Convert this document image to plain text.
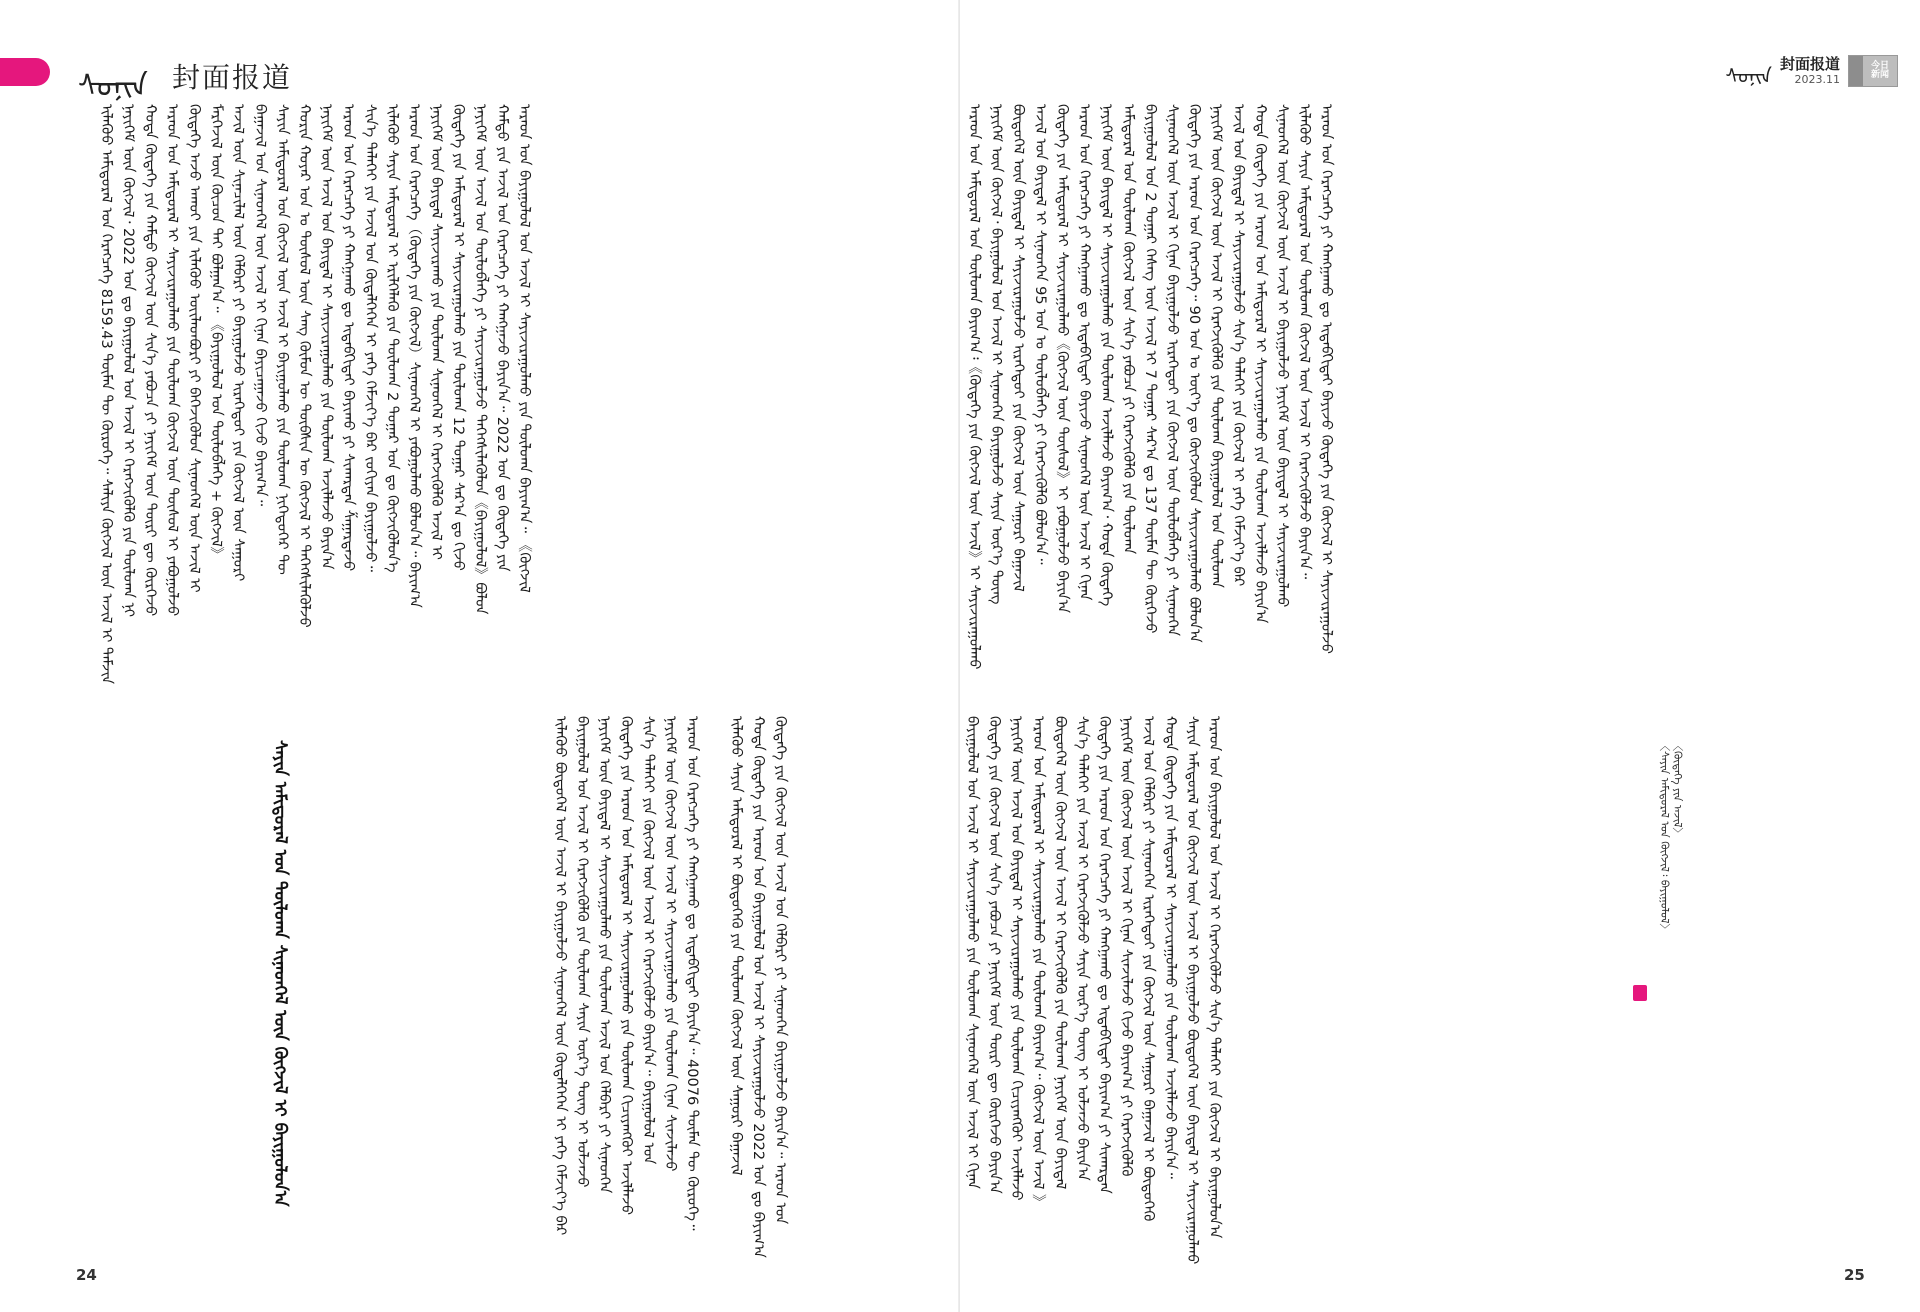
ᠰᠣᠨᠢᠨ 封面报道
ᠢᠯᠡᠭᠦᠦ ᠠᠮᠢᠳᠤᠷᠠᠯ ᠤᠨ ᠬᠡᠷᠡᠭᠴᠡᠭᠡ 8159.43 ᠲᠦᠮᠡᠨ ᠲᠦ ᠬᠦᠷᠦᠭᠡ᠃ ᠰᠡᠯᠢᠶᠡ ᠬᠥᠭᠵᠢᠯ ᠦᠨ ᠠᠵᠢᠯ ᠢ ᠳᠡᠮᠵᠢᠨ ᠨᠡᠶᠢᠭᠡᠮ ᠦᠨ ᠬᠥᠭᠵᠢᠯ᠂ 2022 ᠣᠨ ᠳᠤ ᠪᠠᠶᠢᠭᠤᠯᠤᠯ ᠤᠨ ᠠᠵᠢᠯ ᠢ ᠬᠡᠷᠡᠭᠵᠢᠭᠦᠯᠬᠦ ᠶᠢᠨ ᠲᠥᠯᠥᠭ᠍ᠡ ᠨᠢ ᠬᠣᠲᠠ ᠬᠥᠳᠡᠭᠡ ᠶᠢᠨ ᠬᠠᠮᠲᠤ ᠬᠥᠭᠵᠢᠯ ᠦᠨ ᠰᠢᠨ᠎ᠡ ᠶᠠᠪᠤᠴᠠ ᠶᠢ ᠨᠡᠶᠢᠭᠡᠮ ᠦᠨ ᠳᠦᠷᠢ ᠳᠦ ᠬᠦᠷᠭᠡᠵᠦ ᠠᠷᠠᠳ ᠤᠨ ᠠᠮᠢᠳᠤᠷᠠᠯ ᠢ ᠰᠠᠶᠢᠵᠢᠷᠠᠭᠤᠯᠬᠤ ᠶᠢᠨ ᠲᠥᠯᠥᠭ᠍ᠡ ᠬᠥᠭᠵᠢᠯ ᠦᠨ ᠲᠥᠰᠥᠯ ᠢ ᠶᠠᠪᠤᠭᠤᠯᠵᠤ ᠬᠥᠳᠡᠭᠡ ᠠᠵᠤ ᠠᠬᠤᠢ ᠶᠢᠨ ᠢᠯᠡᠭᠦᠦ ᠦᠢᠯᠡᠳᠪᠦᠷᠢ ᠶᠢ ᠪᠡᠬᠡᠵᠢᠭᠦᠯᠦᠨ ᠰᠢᠨᠡᠳᠭᠡᠯ ᠦᠨ ᠠᠵᠢᠯ ᠢ ᠮᠡᠷᠭᠡᠵᠢᠯ ᠦᠨ ᠬᠦᠴᠦᠨ ᠲᠡᠢ ᠪᠣᠯᠭᠠᠨ᠎ᠠ᠃ 《ᠪᠠᠶᠢᠭᠤᠯᠤᠯ ᠤᠨ ᠲᠥᠯᠥᠪᠯᠡᠭᠡ + ᠬᠥᠭᠵᠢᠯ》 ᠠᠵᠢᠯ ᠦᠨ ᠰᠢᠨᠡᠴᠢᠯᠡᠯ ᠦᠨ ᠬᠡᠯᠪᠡᠷᠢ ᠶᠢ ᠪᠠᠶᠢᠭᠤᠯᠵᠤ ᠢᠷᠡᠭᠡᠳᠦᠢ ᠶᠢᠨ ᠬᠥᠭᠵᠢᠯ ᠦᠨ ᠰᠠᠭᠤᠷᠢ ᠪᠠᠭᠠᠵᠢᠯ ᠤᠨ ᠰᠢᠨᠡᠳᠭᠡᠯ ᠦᠨ ᠠᠵᠢᠯ ᠢ ᠬᠢᠨᠠᠨ ᠪᠠᠶᠢᠴᠠᠭᠠᠵᠤ ᠬᠢᠵᠦ ᠪᠠᠶᠢᠭ᠎ᠠ᠃ ᠰᠠᠶᠢᠨ ᠠᠮᠢᠳᠤᠷᠠᠯ ᠤᠨ ᠬᠥᠭᠵᠢᠯ ᠦᠨ ᠠᠵᠢᠯ ᠢ ᠪᠠᠶᠢᠭᠤᠯᠬᠤ ᠶᠢᠨ ᠲᠥᠯᠥᠭ᠍ᠡ ᠨᠢᠭᠡᠳᠦᠭᠡᠷ ᠲᠦ ᠬᠣᠷᠢᠨ ᠬᠣᠶᠠᠷ ᠣᠨ ᠤ ᠲᠥᠰᠥᠯ ᠦᠨ ᠰᠠᠩ ᠬᠥᠮᠥᠨ ᠦ ᠲᠦᠪᠰᠢᠨ ᠦ ᠬᠥᠭᠵᠢᠯ ᠢ ᠳᠡᠭᠡᠭᠰᠢᠯᠡᠭᠦᠯᠵᠦ ᠨᠡᠶᠢᠭᠡᠮ ᠦᠨ ᠠᠵᠢᠯ ᠤᠨ ᠪᠠᠶᠢᠳᠠᠯ ᠢ ᠰᠠᠶᠢᠵᠢᠷᠠᠭᠤᠯᠬᠤ ᠶᠢᠨ ᠲᠥᠯᠥᠭ᠍ᠡ ᠠᠵᠢᠯᠯᠠᠵᠤ ᠪᠠᠶᠢᠨ᠎ᠠ ᠠᠷᠠᠳ ᠤᠨ ᠬᠡᠷᠡᠭᠴᠡᠭᠡ ᠶᠢ ᠬᠠᠩᠭᠠᠬᠤ ᠳᠤ ᠢᠳᠡᠪᠬᠢᠲᠡᠢ ᠪᠠᠶᠢᠬᠤ ᠶᠢ ᠰᠢᠬᠠᠷᠳᠠᠨ ᠱᠠᠭᠠᠷᠳᠠᠵᠤ ᠰᠢᠨ᠎ᠡ ᠲᠡᠯᠡᠬᠡᠢ ᠶᠢᠨ ᠠᠵᠢᠯ ᠤᠨ ᠬᠥᠳᠡᠯᠭᠡᠭᠡᠨ ᠢ ᠶᠡᠬᠡ ᠬᠡᠮᠵᠢᠶ᠎ᠡ ᠪᠡᠷ ᠵᠣᠬᠢᠶᠠᠨ ᠪᠠᠶᠢᠭᠤᠯᠵᠤ᠃ ᠢᠯᠡᠭᠦᠦ ᠰᠠᠶᠢᠨ ᠠᠮᠢᠳᠤᠷᠠᠯ ᠢ ᠡᠷᠢᠯᠬᠡᠯᠡᠬᠦ ᠶᠢᠨ ᠲᠥᠯᠥᠭ᠍ᠡ 2 ᠳᠤᠭᠠᠷ ᠣᠨ ᠳᠤ ᠬᠥᠭᠵᠢᠭᠦᠯᠦᠨ᠎ᠡ ᠠᠷᠠᠳ ᠤᠨ ᠬᠡᠷᠡᠭᠴᠡᠭᠡ（ᠬᠥᠳᠡᠭᠡ ᠶᠢᠨ ᠬᠥᠭᠵᠢᠯ）ᠰᠢᠨᠡᠳᠭᠡᠯ ᠢ ᠶᠠᠪᠤᠭᠤᠯᠬᠤ ᠪᠣᠯᠤᠨ᠎ᠠ᠃ ᠪᠠᠶᠢᠭ᠎ᠠ ᠨᠡᠶᠢᠭᠡᠮ ᠦᠨ ᠪᠠᠶᠢᠳᠠᠯ ᠰᠠᠶᠢᠵᠢᠷᠠᠬᠤ ᠶᠢᠨ ᠲᠥᠯᠥᠭ᠍ᠡ ᠰᠢᠨᠡᠳᠭᠡᠯ ᠢ ᠬᠡᠷᠡᠭᠵᠢᠭᠦᠯᠬᠦ ᠠᠵᠢᠯ ᠢ ᠬᠥᠳᠡᠭᠡ ᠶᠢᠨ ᠠᠮᠢᠳᠤᠷᠠᠯ ᠢ ᠰᠠᠶᠢᠵᠢᠷᠠᠭᠤᠯᠬᠤ ᠶᠢᠨ ᠲᠥᠯᠥᠭ᠍ᠡ 12 ᠳᠤᠭᠠᠷ ᠰᠠᠷ᠎ᠠ ᠳᠤ ᠬᠢᠵᠦ ᠨᠡᠶᠢᠭᠡᠮ ᠦᠨ ᠠᠵᠢᠯ ᠤᠨ ᠲᠥᠯᠥᠪᠯᠡᠭᠡ ᠶᠢ ᠰᠠᠶᠢᠵᠢᠷᠠᠭᠤᠯᠵᠤ ᠳᠡᠭᠡᠭᠰᠢᠯᠡᠭᠦᠯᠦᠨ《ᠪᠠᠶᠢᠭᠤᠯᠤᠯ》ᠪᠣᠯᠤᠨ ᠬᠠᠮᠲᠤ ᠶᠢᠨ ᠠᠵᠢᠯ ᠤᠨ ᠬᠡᠷᠡᠭᠴᠡᠭᠡ ᠶᠢ ᠬᠠᠩᠭᠠᠵᠤ ᠪᠠᠶᠢᠨ᠎ᠠ᠃ 2022 ᠣᠨ ᠳᠤ ᠬᠥᠳᠡᠭᠡ ᠶᠢᠨ ᠠᠷᠠᠳ ᠤᠨ ᠪᠠᠶᠢᠭᠤᠯᠤᠯ ᠤᠨ ᠠᠵᠢᠯ ᠢ ᠰᠠᠶᠢᠵᠢᠷᠠᠭᠤᠯᠬᠤ ᠶᠢᠨ ᠲᠥᠯᠥᠭ᠍ᠡ ᠪᠠᠶᠢᠭ᠎ᠠ᠃ 《ᠬᠥᠭᠵᠢᠯ
ᠢᠯᠡᠭᠦᠦ ᠪᠦᠲᠦᠭᠡᠯ ᠦᠨ ᠠᠵᠢᠯ ᠢ ᠪᠠᠶᠢᠭᠤᠯᠵᠤ ᠰᠢᠨᠡᠳᠭᠡᠯ ᠦᠨ ᠬᠥᠳᠡᠯᠭᠡᠭᠡᠨ ᠢ ᠶᠡᠬᠡ ᠬᠡᠮᠵᠢᠶ᠎ᠡ ᠪᠡᠷ ᠪᠠᠶᠢᠭᠤᠯᠤᠯ ᠤᠨ ᠠᠵᠢᠯ ᠢ ᠬᠡᠷᠡᠭᠵᠢᠭᠦᠯᠬᠦ ᠶᠢᠨ ᠲᠥᠯᠥᠭ᠍ᠡ ᠰᠠᠶᠢᠨ ᠦᠷ᠎ᠡ ᠳᠦᠩ ᠢ ᠣᠯᠵᠠᠵᠤ ᠨᠡᠶᠢᠭᠡᠮ ᠦᠨ ᠪᠠᠶᠢᠳᠠᠯ ᠢ ᠰᠠᠶᠢᠵᠢᠷᠠᠭᠤᠯᠬᠤ ᠶᠢᠨ ᠲᠥᠯᠥᠭ᠍ᠡ ᠠᠵᠢᠯ ᠤᠨ ᠬᠡᠯᠪᠡᠷᠢ ᠶᠢ ᠰᠢᠨᠡᠳᠬᠡᠨ ᠬᠥᠳᠡᠭᠡ ᠶᠢᠨ ᠠᠷᠠᠳ ᠤᠨ ᠠᠮᠢᠳᠤᠷᠠᠯ ᠢ ᠰᠠᠶᠢᠵᠢᠷᠠᠭᠤᠯᠬᠤ ᠶᠢᠨ ᠲᠥᠯᠥᠭ᠍ᠡ ᠬᠢᠴᠢᠶᠡᠩᠭᠦᠢ ᠠᠵᠢᠯᠯᠠᠵᠤ ᠰᠢᠨ᠎ᠡ ᠲᠡᠯᠡᠬᠡᠢ ᠶᠢᠨ ᠬᠥᠭᠵᠢᠯ ᠦᠨ ᠠᠵᠢᠯ ᠢ ᠬᠡᠷᠡᠭᠵᠢᠭᠦᠯᠵᠦ ᠪᠠᠶᠢᠨ᠎ᠠ᠃ ᠪᠠᠶᠢᠭᠤᠯᠤᠯ ᠤᠨ ᠨᠡᠶᠢᠭᠡᠮ ᠦᠨ ᠬᠥᠭᠵᠢᠯ ᠦᠨ ᠠᠵᠢᠯ ᠢ ᠰᠠᠶᠢᠵᠢᠷᠠᠭᠤᠯᠬᠤ ᠶᠢᠨ ᠲᠥᠯᠥᠭ᠍ᠡ ᠬᠢᠨᠠᠨ ᠰᠢᠨᠵᠢᠯᠡᠵᠦ ᠠᠷᠠᠳ ᠤᠨ ᠬᠡᠷᠡᠭᠴᠡᠭᠡ ᠶᠢ ᠬᠠᠩᠭᠠᠬᠤ ᠳᠤ ᠢᠳᠡᠪᠬᠢᠲᠡᠢ ᠪᠠᠶᠢᠨ᠎ᠠ᠃ 40076 ᠲᠦᠮᠡᠨ ᠲᠦ ᠬᠦᠷᠦᠭᠡ᠃ ᠢᠯᠡᠭᠦᠦ ᠰᠠᠶᠢᠨ ᠠᠮᠢᠳᠤᠷᠠᠯ ᠢ ᠪᠦᠲᠦᠭᠡᠬᠦ ᠶᠢᠨ ᠲᠥᠯᠥᠭ᠍ᠡ ᠬᠥᠭᠵᠢᠯ ᠦᠨ ᠰᠠᠭᠤᠷᠢ ᠪᠠᠭᠠᠵᠢᠯ ᠬᠣᠲᠠ ᠬᠥᠳᠡᠭᠡ ᠶᠢᠨ ᠠᠷᠠᠳ ᠤᠨ ᠪᠠᠶᠢᠭᠤᠯᠤᠯ ᠤᠨ ᠠᠵᠢᠯ ᠢ ᠰᠠᠶᠢᠵᠢᠷᠠᠭᠤᠯᠵᠤ 2022 ᠣᠨ ᠳᠤ ᠪᠠᠶᠢᠭ᠎ᠠ ᠬᠥᠳᠡᠭᠡ ᠶᠢᠨ ᠬᠥᠭᠵᠢᠯ ᠦᠨ ᠠᠵᠢᠯ ᠤᠨ ᠬᠡᠯᠪᠡᠷᠢ ᠶᠢ ᠰᠢᠨᠡᠳᠬᠡᠨ ᠪᠠᠶᠢᠭᠤᠯᠵᠤ ᠪᠠᠶᠢᠨ᠎ᠠ᠃ ᠠᠷᠠᠳ ᠤᠨ
ᠰᠠᠶᠢᠨ ᠠᠮᠢᠳᠤᠷᠠᠯ ᠤᠨ ᠲᠥᠯᠥᠭ᠍ᠡ ᠰᠢᠨᠡᠳᠭᠡᠯ ᠦᠨ ᠬᠥᠭᠵᠢᠯ ᠢ ᠪᠠᠶᠢᠭᠤᠯᠤᠨ᠎ᠠ
24
ᠰᠣᠨᠢᠨ 封面报道
2023.11
今日
新闻
ᠠᠷᠠᠳ ᠤᠨ ᠠᠮᠢᠳᠤᠷᠠᠯ ᠤᠨ ᠲᠥᠯᠥᠭ᠍ᠡ ᠪᠠᠶᠢᠭ᠎ᠠ᠄《ᠬᠥᠳᠡᠭᠡ ᠶᠢᠨ ᠬᠥᠭᠵᠢᠯ ᠦᠨ ᠠᠵᠢᠯ》ᠢ ᠰᠠᠶᠢᠵᠢᠷᠠᠭᠤᠯᠬᠤ ᠨᠡᠶᠢᠭᠡᠮ ᠦᠨ ᠬᠥᠭᠵᠢᠯ᠂ ᠪᠠᠶᠢᠭᠤᠯᠤᠯ ᠤᠨ ᠠᠵᠢᠯ ᠢ ᠰᠢᠨᠡᠳᠬᠡᠨ ᠪᠠᠶᠢᠭᠤᠯᠵᠤ ᠰᠠᠶᠢᠨ ᠦᠷ᠎ᠡ ᠳᠦᠩ ᠪᠦᠲᠦᠭᠡᠯ ᠦᠨ ᠪᠠᠶᠢᠳᠠᠯ ᠢ ᠰᠠᠶᠢᠵᠢᠷᠠᠭᠤᠯᠵᠤ ᠢᠷᠡᠭᠡᠳᠦᠢ ᠶᠢᠨ ᠬᠥᠭᠵᠢᠯ ᠦᠨ ᠰᠠᠭᠤᠷᠢ ᠪᠠᠭᠠᠵᠢᠯ ᠠᠵᠢᠯ ᠤᠨ ᠪᠠᠶᠢᠳᠠᠯ ᠢ ᠰᠢᠨᠡᠳᠬᠡᠨ 95 ᠣᠨ ᠤ ᠲᠥᠯᠥᠪᠯᠡᠭᠡ ᠶᠢ ᠬᠡᠷᠡᠭᠵᠢᠭᠦᠯᠬᠦ ᠪᠣᠯᠤᠨ᠎ᠠ᠃ ᠬᠥᠳᠡᠭᠡ ᠶᠢᠨ ᠠᠮᠢᠳᠤᠷᠠᠯ ᠢ ᠰᠠᠶᠢᠵᠢᠷᠠᠭᠤᠯᠬᠤ《ᠬᠥᠭᠵᠢᠯ ᠦᠨ ᠲᠥᠰᠥᠯ》ᠢ ᠶᠠᠪᠤᠭᠤᠯᠵᠤ ᠪᠠᠶᠢᠨ᠎ᠠ ᠠᠷᠠᠳ ᠤᠨ ᠬᠡᠷᠡᠭᠴᠡᠭᠡ ᠶᠢ ᠬᠠᠩᠭᠠᠬᠤ ᠳᠤ ᠢᠳᠡᠪᠬᠢᠲᠡᠢ ᠪᠠᠶᠢᠵᠤ ᠰᠢᠨᠡᠳᠭᠡᠯ ᠦᠨ ᠠᠵᠢᠯ ᠢ ᠬᠢᠨᠠᠨ ᠨᠡᠶᠢᠭᠡᠮ ᠦᠨ ᠪᠠᠶᠢᠳᠠᠯ ᠢ ᠰᠠᠶᠢᠵᠢᠷᠠᠭᠤᠯᠬᠤ ᠶᠢᠨ ᠲᠥᠯᠥᠭ᠍ᠡ ᠠᠵᠢᠯᠯᠠᠵᠤ ᠪᠠᠶᠢᠭ᠎ᠠ᠂ ᠬᠣᠲᠠ ᠬᠥᠳᠡᠭᠡ ᠠᠮᠢᠳᠤᠷᠠᠯ ᠤᠨ ᠲᠥᠯᠥᠭ᠍ᠡ ᠬᠥᠭᠵᠢᠯ ᠦᠨ ᠰᠢᠨ᠎ᠡ ᠶᠠᠪᠤᠴᠠ ᠶᠢ ᠬᠡᠷᠡᠭᠵᠢᠭᠦᠯᠬᠦ ᠶᠢᠨ ᠲᠥᠯᠥᠭ᠍ᠡ ᠪᠠᠶᠢᠭᠤᠯᠤᠯ ᠤᠨ 2 ᠳᠤᠭᠠᠷ ᠬᠡᠰᠡᠭ ᠦᠨ ᠠᠵᠢᠯ ᠢ 7 ᠳᠤᠭᠠᠷ ᠰᠠᠷ᠎ᠠ ᠳᠤ 137 ᠲᠦᠮᠡᠨ ᠲᠦ ᠬᠦᠷᠭᠡᠵᠦ ᠰᠢᠨᠡᠳᠭᠡᠯ ᠦᠨ ᠠᠵᠢᠯ ᠢ ᠬᠢᠨᠠᠨ ᠪᠠᠶᠢᠭᠤᠯᠵᠤ ᠢᠷᠡᠭᠡᠳᠦᠢ ᠶᠢᠨ ᠬᠥᠭᠵᠢᠯ ᠦᠨ ᠲᠥᠯᠥᠪᠯᠡᠭᠡ ᠶᠢ ᠰᠢᠨᠡᠳᠬᠡᠨ ᠬᠥᠳᠡᠭᠡ ᠶᠢᠨ ᠠᠷᠠᠳ ᠤᠨ ᠬᠡᠷᠡᠭᠴᠡᠭᠡ᠃ 90 ᠣᠨ ᠤ ᠦᠶ᠎ᠡ ᠳᠤ ᠬᠥᠭᠵᠢᠭᠦᠯᠦᠨ ᠰᠠᠶᠢᠵᠢᠷᠠᠭᠤᠯᠬᠤ ᠪᠣᠯᠤᠨ᠎ᠠ ᠨᠡᠶᠢᠭᠡᠮ ᠦᠨ ᠬᠥᠭᠵᠢᠯ ᠦᠨ ᠠᠵᠢᠯ ᠢ ᠬᠡᠷᠡᠭᠵᠢᠭᠦᠯᠬᠦ ᠶᠢᠨ ᠲᠥᠯᠥᠭ᠍ᠡ ᠪᠠᠶᠢᠭᠤᠯᠤᠯ ᠤᠨ ᠲᠥᠯᠥᠭ᠍ᠡ ᠠᠵᠢᠯ ᠤᠨ ᠪᠠᠶᠢᠳᠠᠯ ᠢ ᠰᠠᠶᠢᠵᠢᠷᠠᠭᠤᠯᠵᠤ ᠰᠢᠨ᠎ᠡ ᠲᠡᠯᠡᠬᠡᠢ ᠶᠢᠨ ᠬᠥᠭᠵᠢᠯ ᠢ ᠶᠡᠬᠡ ᠬᠡᠮᠵᠢᠶ᠎ᠡ ᠪᠡᠷ ᠬᠣᠲᠠ ᠬᠥᠳᠡᠭᠡ ᠶᠢᠨ ᠠᠷᠠᠳ ᠤᠨ ᠠᠮᠢᠳᠤᠷᠠᠯ ᠢ ᠰᠠᠶᠢᠵᠢᠷᠠᠭᠤᠯᠬᠤ ᠶᠢᠨ ᠲᠥᠯᠥᠭ᠍ᠡ ᠠᠵᠢᠯᠯᠠᠵᠤ ᠪᠠᠶᠢᠨ᠎ᠠ ᠰᠢᠨᠡᠳᠭᠡᠯ ᠦᠨ ᠬᠥᠭᠵᠢᠯ ᠦᠨ ᠠᠵᠢᠯ ᠢ ᠪᠠᠶᠢᠭᠤᠯᠵᠤ ᠨᠡᠶᠢᠭᠡᠮ ᠦᠨ ᠪᠠᠶᠢᠳᠠᠯ ᠢ ᠰᠠᠶᠢᠵᠢᠷᠠᠭᠤᠯᠬᠤ ᠢᠯᠡᠭᠦᠦ ᠰᠠᠶᠢᠨ ᠠᠮᠢᠳᠤᠷᠠᠯ ᠤᠨ ᠲᠥᠯᠥᠭ᠍ᠡ ᠬᠥᠭᠵᠢᠯ ᠦᠨ ᠠᠵᠢᠯ ᠢ ᠬᠡᠷᠡᠭᠵᠢᠭᠦᠯᠵᠦ ᠪᠠᠶᠢᠨ᠎ᠠ᠃ ᠠᠷᠠᠳ ᠤᠨ ᠬᠡᠷᠡᠭᠴᠡᠭᠡ ᠶᠢ ᠬᠠᠩᠭᠠᠬᠤ ᠳᠤ ᠢᠳᠡᠪᠬᠢᠲᠡᠢ ᠪᠠᠶᠢᠵᠤ ᠬᠥᠳᠡᠭᠡ ᠶᠢᠨ ᠬᠥᠭᠵᠢᠯ ᠢ ᠰᠠᠶᠢᠵᠢᠷᠠᠭᠤᠯᠵᠤ
ᠪᠠᠶᠢᠭᠤᠯᠤᠯ ᠤᠨ ᠠᠵᠢᠯ ᠢ ᠰᠠᠶᠢᠵᠢᠷᠠᠭᠤᠯᠬᠤ ᠶᠢᠨ ᠲᠥᠯᠥᠭ᠍ᠡ ᠰᠢᠨᠡᠳᠭᠡᠯ ᠦᠨ ᠠᠵᠢᠯ ᠢ ᠬᠢᠨᠠᠨ ᠬᠥᠳᠡᠭᠡ ᠶᠢᠨ ᠬᠥᠭᠵᠢᠯ ᠦᠨ ᠰᠢᠨ᠎ᠡ ᠶᠠᠪᠤᠴᠠ ᠶᠢ ᠨᠡᠶᠢᠭᠡᠮ ᠦᠨ ᠳᠦᠷᠢ ᠳᠦ ᠬᠦᠷᠭᠡᠵᠦ ᠪᠠᠶᠢᠨ᠎ᠠ ᠨᠡᠶᠢᠭᠡᠮ ᠦᠨ ᠠᠵᠢᠯ ᠤᠨ ᠪᠠᠶᠢᠳᠠᠯ ᠢ ᠰᠠᠶᠢᠵᠢᠷᠠᠭᠤᠯᠬᠤ ᠶᠢᠨ ᠲᠥᠯᠥᠭ᠍ᠡ ᠬᠢᠴᠢᠶᠡᠩᠭᠦᠢ ᠠᠵᠢᠯᠯᠠᠵᠤ ᠠᠷᠠᠳ ᠤᠨ ᠠᠮᠢᠳᠤᠷᠠᠯ ᠢ ᠰᠠᠶᠢᠵᠢᠷᠠᠭᠤᠯᠬᠤ ᠶᠢᠨ ᠲᠥᠯᠥᠭ᠍ᠡ ᠪᠠᠶᠢᠭ᠎ᠠ᠃ ᠬᠥᠭᠵᠢᠯ ᠦᠨ ᠠᠵᠢᠯ 》 ᠪᠦᠲᠦᠭᠡᠯ ᠦᠨ ᠬᠥᠭᠵᠢᠯ ᠦᠨ ᠠᠵᠢᠯ ᠢ ᠬᠡᠷᠡᠭᠵᠢᠭᠦᠯᠬᠦ ᠶᠢᠨ ᠲᠥᠯᠥᠭ᠍ᠡ ᠨᠡᠶᠢᠭᠡᠮ ᠦᠨ ᠪᠠᠶᠢᠳᠠᠯ ᠰᠢᠨ᠎ᠡ ᠲᠡᠯᠡᠬᠡᠢ ᠶᠢᠨ ᠠᠵᠢᠯ ᠢ ᠬᠡᠷᠡᠭᠵᠢᠭᠦᠯᠵᠦ ᠰᠠᠶᠢᠨ ᠦᠷ᠎ᠡ ᠳᠦᠩ ᠢ ᠣᠯᠵᠠᠵᠤ ᠪᠠᠶᠢᠨ᠎ᠠ ᠬᠥᠳᠡᠭᠡ ᠶᠢᠨ ᠠᠷᠠᠳ ᠤᠨ ᠬᠡᠷᠡᠭᠴᠡᠭᠡ ᠶᠢ ᠬᠠᠩᠭᠠᠬᠤ ᠳᠤ ᠢᠳᠡᠪᠬᠢᠲᠡᠢ ᠪᠠᠶᠢᠭ᠎ᠠ ᠶᠢ ᠰᠢᠬᠠᠷᠳᠠᠨ ᠨᠡᠶᠢᠭᠡᠮ ᠦᠨ ᠬᠥᠭᠵᠢᠯ ᠦᠨ ᠠᠵᠢᠯ ᠢ ᠬᠢᠨᠠᠨ ᠰᠢᠨᠵᠢᠯᠡᠵᠦ ᠬᠢᠵᠦ ᠪᠠᠶᠢᠭ᠎ᠠ ᠶᠢ ᠬᠡᠷᠡᠭᠵᠢᠭᠦᠯᠬᠦ ᠠᠵᠢᠯ ᠤᠨ ᠬᠡᠯᠪᠡᠷᠢ ᠶᠢ ᠰᠢᠨᠡᠳᠬᠡᠨ ᠢᠷᠡᠭᠡᠳᠦᠢ ᠶᠢᠨ ᠬᠥᠭᠵᠢᠯ ᠦᠨ ᠰᠠᠭᠤᠷᠢ ᠪᠠᠭᠠᠵᠢᠯ ᠢ ᠪᠦᠲᠦᠭᠡᠬᠦ ᠬᠣᠲᠠ ᠬᠥᠳᠡᠭᠡ ᠶᠢᠨ ᠠᠮᠢᠳᠤᠷᠠᠯ ᠢ ᠰᠠᠶᠢᠵᠢᠷᠠᠭᠤᠯᠬᠤ ᠶᠢᠨ ᠲᠥᠯᠥᠭ᠍ᠡ ᠠᠵᠢᠯᠯᠠᠵᠤ ᠪᠠᠶᠢᠨ᠎ᠠ᠃ ᠰᠠᠶᠢᠨ ᠠᠮᠢᠳᠤᠷᠠᠯ ᠤᠨ ᠬᠥᠭᠵᠢᠯ ᠦᠨ ᠠᠵᠢᠯ ᠢ ᠪᠠᠶᠢᠭᠤᠯᠵᠤ ᠪᠦᠲᠦᠭᠡᠯ ᠦᠨ ᠪᠠᠶᠢᠳᠠᠯ ᠢ ᠰᠠᠶᠢᠵᠢᠷᠠᠭᠤᠯᠬᠤ ᠠᠷᠠᠳ ᠤᠨ ᠪᠠᠶᠢᠭᠤᠯᠤᠯ ᠤᠨ ᠠᠵᠢᠯ ᠢ ᠬᠡᠷᠡᠭᠵᠢᠭᠦᠯᠵᠦ ᠰᠢᠨ᠎ᠡ ᠲᠡᠯᠡᠬᠡᠢ ᠶᠢᠨ ᠬᠥᠭᠵᠢᠯ ᠢ ᠪᠠᠶᠢᠭᠤᠯᠤᠨ᠎ᠠ
25
〈ᠰᠠᠶᠢᠨ ᠠᠮᠢᠳᠤᠷᠠᠯ ᠤᠨ ᠬᠥᠭᠵᠢᠯ᠄ ᠪᠠᠶᠢᠭᠤᠯᠤᠯ〉 〈ᠬᠥᠳᠡᠭᠡ ᠶᠢᠨ ᠠᠵᠢᠯ〉
